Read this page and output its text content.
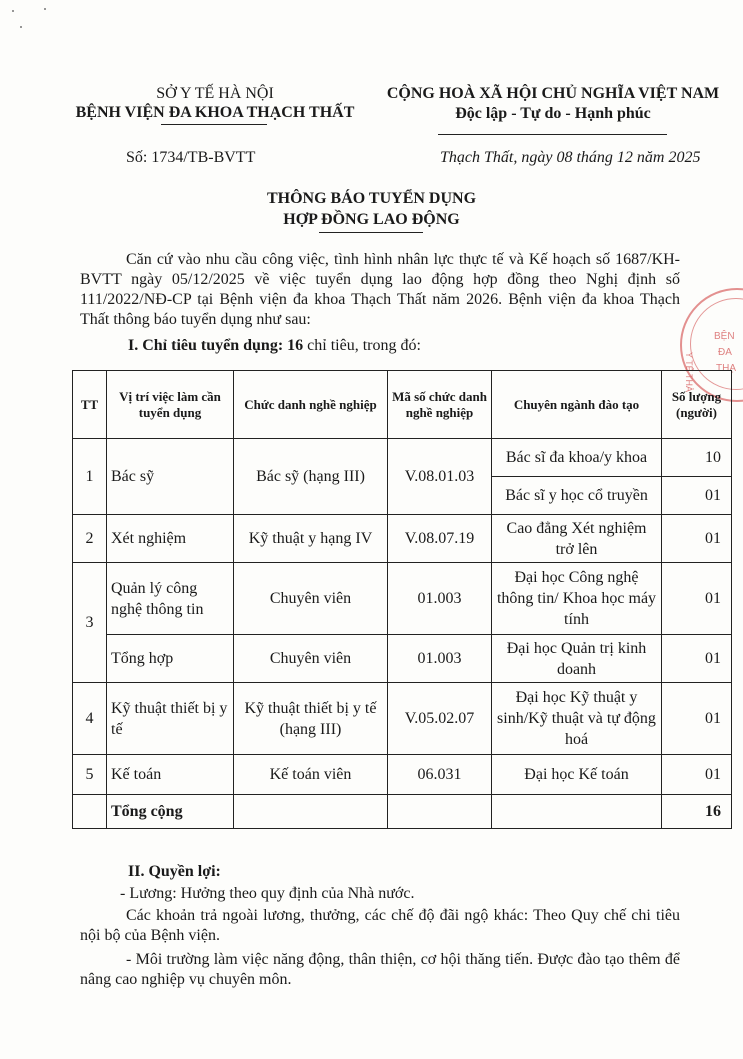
SỞ Y TẾ HÀ NỘI
BỆNH VIỆN ĐA KHOA THẠCH THẤT
CỘNG HOÀ XÃ HỘI CHỦ NGHĨA VIỆT NAM
Độc lập - Tự do - Hạnh phúc
Số: 1734/TB-BVTT	Thạch Thất, ngày 08 tháng 12 năm 2025
THÔNG BÁO TUYỂN DỤNG
HỢP ĐỒNG LAO ĐỘNG
Căn cứ vào nhu cầu công việc, tình hình nhân lực thực tế và Kế hoạch số 1687/KH-BVTT ngày 05/12/2025 về việc tuyển dụng lao động hợp đồng theo Nghị định số 111/2022/NĐ-CP tại Bệnh viện đa khoa Thạch Thất năm 2026. Bệnh viện đa khoa Thạch Thất thông báo tuyển dụng như sau:
I. Chỉ tiêu tuyển dụng: 16 chỉ tiêu, trong đó:
BỆN
ĐA
THẠ
Y TẾ THÀ
TT	Vị trí việc làm cần tuyển dụng	Chức danh nghề nghiệp	Mã số chức danh nghề nghiệp	Chuyên ngành đào tạo	Số lượng (người)
1	Bác sỹ	Bác sỹ (hạng III)	V.08.01.03	Bác sĩ đa khoa/y khoa	10
				Bác sĩ y học cổ truyền	01
2	Xét nghiệm	Kỹ thuật y hạng IV	V.08.07.19	Cao đẳng Xét nghiệm trở lên	01
3	Quản lý công nghệ thông tin	Chuyên viên	01.003	Đại học Công nghệ thông tin/ Khoa học máy tính	01
	Tổng hợp	Chuyên viên	01.003	Đại học Quản trị kinh doanh	01
4	Kỹ thuật thiết bị y tế	Kỹ thuật thiết bị y tế (hạng III)	V.05.02.07	Đại học Kỹ thuật y sinh/Kỹ thuật và tự động hoá	01
5	Kế toán	Kế toán viên	06.031	Đại học Kế toán	01
	Tổng cộng				16
II. Quyền lợi:
- Lương: Hưởng theo quy định của Nhà nước.
Các khoản trả ngoài lương, thưởng, các chế độ đãi ngộ khác: Theo Quy chế chi tiêu nội bộ của Bệnh viện.
- Môi trường làm việc năng động, thân thiện, cơ hội thăng tiến. Được đào tạo thêm để nâng cao nghiệp vụ chuyên môn.
